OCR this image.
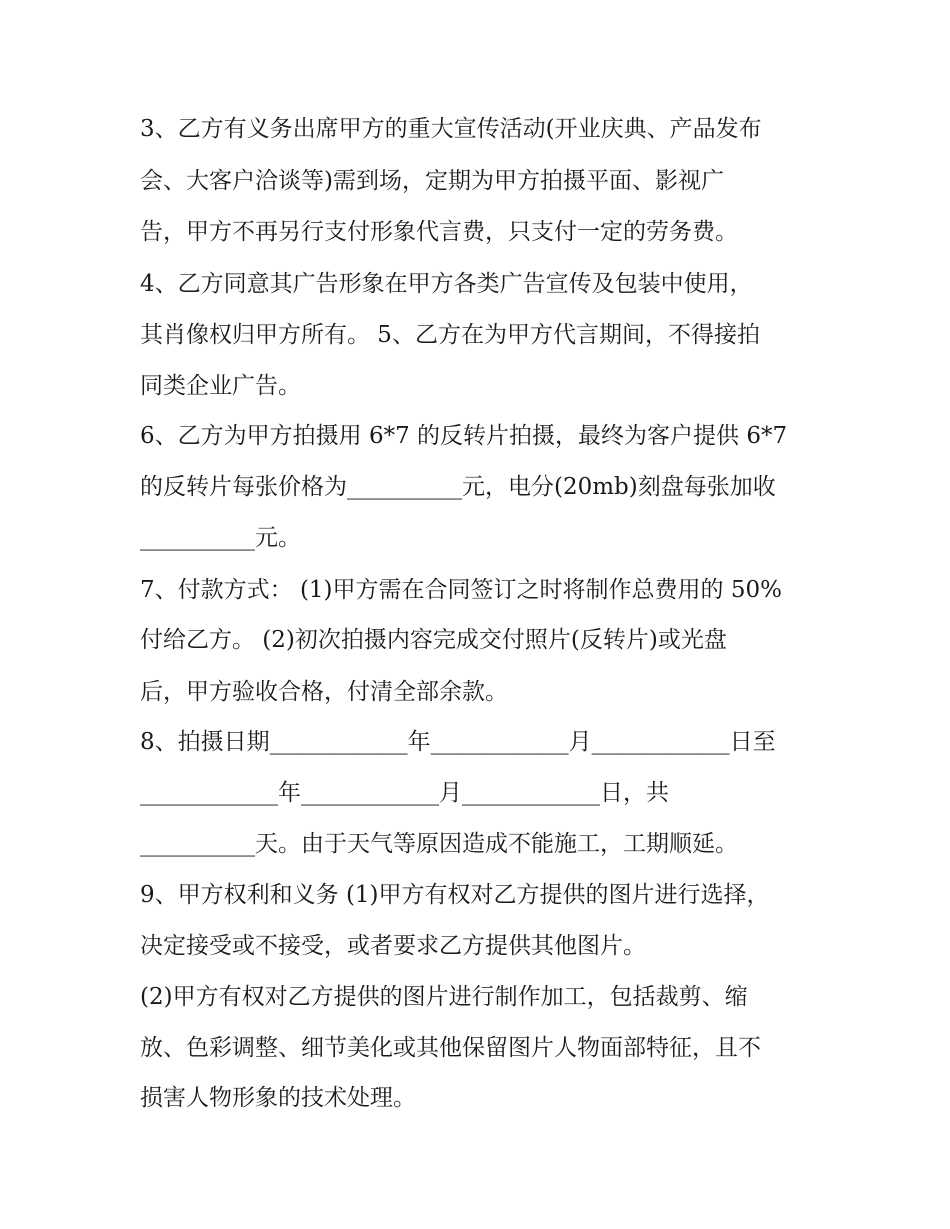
3、乙方有义务出席甲方的重大宣传活动(开业庆典、产品发布
会、大客户洽谈等)需到场，定期为甲方拍摄平面、影视广
告，甲方不再另行支付形象代言费，只支付一定的劳务费。
4、乙方同意其广告形象在甲方各类广告宣传及包装中使用，
其肖像权归甲方所有。 5、乙方在为甲方代言期间，不得接拍
同类企业广告。
6、乙方为甲方拍摄用 6*7 的反转片拍摄，最终为客户提供 6*7
的反转片每张价格为__________元，电分(20mb)刻盘每张加收
__________元。
7、付款方式： (1)甲方需在合同签订之时将制作总费用的 50%
付给乙方。 (2)初次拍摄内容完成交付照片(反转片)或光盘
后，甲方验收合格，付清全部余款。
8、拍摄日期____________年____________月____________日至
____________年____________月____________日，共
__________天。由于天气等原因造成不能施工，工期顺延。
9、甲方权利和义务 (1)甲方有权对乙方提供的图片进行选择，
决定接受或不接受，或者要求乙方提供其他图片。
(2)甲方有权对乙方提供的图片进行制作加工，包括裁剪、缩
放、色彩调整、细节美化或其他保留图片人物面部特征，且不
损害人物形象的技术处理。
